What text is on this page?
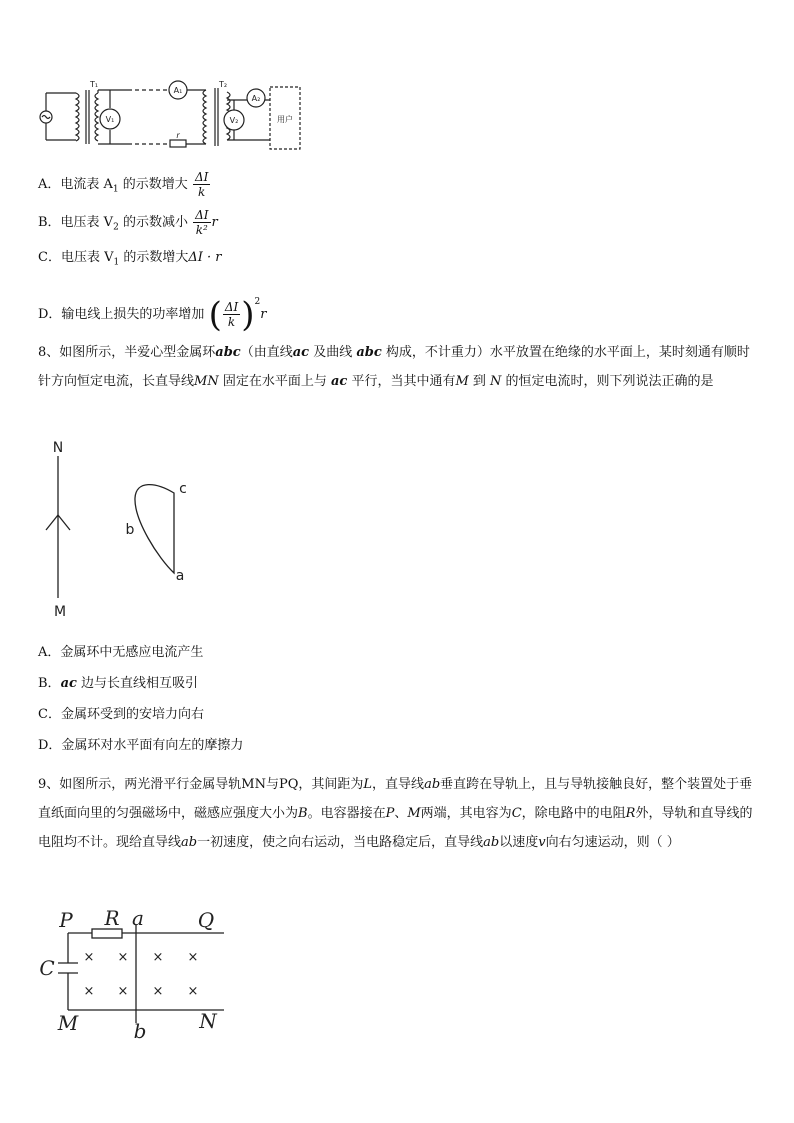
T₁
V₁
A₁
r
T₂
V₂
A₂
用户
A．电流表 $A_1$ 的示数增大 $\frac{\Delta I}{k}$
B．电压表 $V_2$ 的示数减小 $\frac{\Delta I}{\text{k²}}$ r
C．电压表 $V_1$ 的示数增大ΔI · r
D．输电线上损失的功率增加 ( $\frac{\Delta I}{k} )^2r$
8、如图所示，半爱心型金属环abc（由直线ac 及曲线 abc 构成，不计重力）水平放置在绝缘的水平面上，某时刻通有顺时针方向恒定电流，长直导线MN 固定在水平面上与 ac 平行，当其中通有M 到 N 的恒定电流时，则下列说法正确的是
N
M
b
c
a
A．金属环中无感应电流产生
B．ac 边与长直线相互吸引
C．金属环受到的安培力向右
D．金属环对水平面有向左的摩擦力
9、如图所示，两光滑平行金属导轨MN与PQ，其间距为L，直导线ab垂直跨在导轨上，且与导轨接触良好，整个装置处于垂直纸面向里的匀强磁场中，磁感应强度大小为B。电容器接在P、M两端，其电容为C，除电路中的电阻R外，导轨和直导线的电阻均不计。现给直导线ab一初速度，使之向右运动，当电路稳定后，直导线ab以速度v向右匀速运动，则（ ）
P R a	Q
C
M	b	N
× × × ×
× × × ×
